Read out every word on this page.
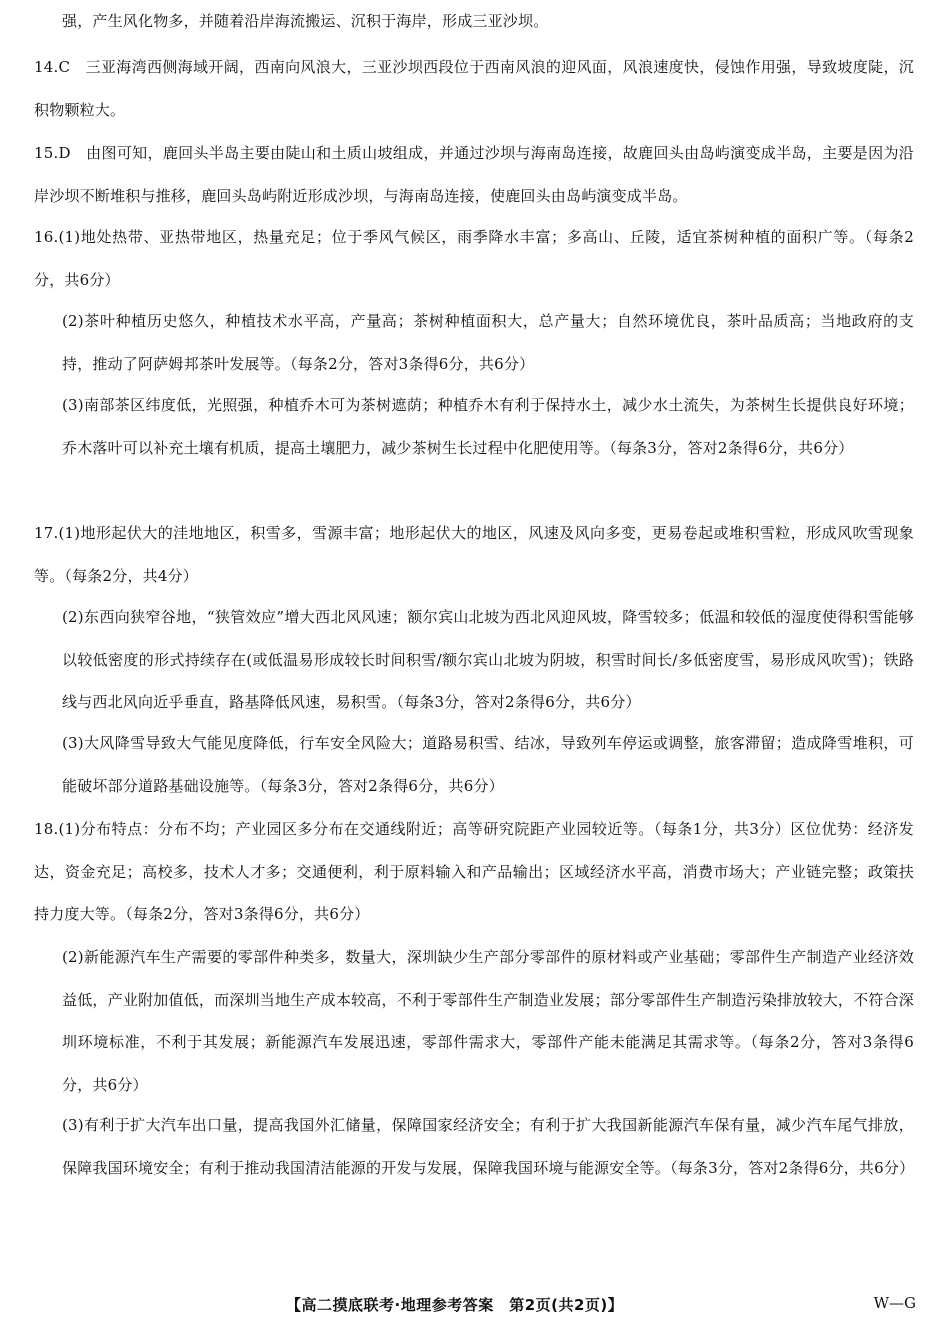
强，产生风化物多，并随着沿岸海流搬运、沉积于海岸，形成三亚沙坝。
14.C　三亚海湾西侧海域开阔，西南向风浪大，三亚沙坝西段位于西南风浪的迎风面，风浪速度快，侵蚀作用强，导致坡度陡，沉积物颗粒大。
15.D　由图可知，鹿回头半岛主要由陡山和土质山坡组成，并通过沙坝与海南岛连接，故鹿回头由岛屿演变成半岛，主要是因为沿岸沙坝不断堆积与推移，鹿回头岛屿附近形成沙坝，与海南岛连接，使鹿回头由岛屿演变成半岛。
16.(1)地处热带、亚热带地区，热量充足；位于季风气候区，雨季降水丰富；多高山、丘陵，适宜茶树种植的面积广等。（每条2分，共6分）
(2)茶叶种植历史悠久，种植技术水平高，产量高；茶树种植面积大，总产量大；自然环境优良，茶叶品质高；当地政府的支持，推动了阿萨姆邦茶叶发展等。（每条2分，答对3条得6分，共6分）
(3)南部茶区纬度低，光照强，种植乔木可为茶树遮荫；种植乔木有利于保持水土，减少水土流失，为茶树生长提供良好环境；乔木落叶可以补充土壤有机质，提高土壤肥力，减少茶树生长过程中化肥使用等。（每条3分，答对2条得6分，共6分）
17.(1)地形起伏大的洼地地区，积雪多，雪源丰富；地形起伏大的地区，风速及风向多变，更易卷起或堆积雪粒，形成风吹雪现象等。（每条2分，共4分）
(2)东西向狭窄谷地，“狭管效应”增大西北风风速；额尔宾山北坡为西北风迎风坡，降雪较多；低温和较低的湿度使得积雪能够以较低密度的形式持续存在(或低温易形成较长时间积雪/额尔宾山北坡为阴坡，积雪时间长/多低密度雪，易形成风吹雪)；铁路线与西北风向近乎垂直，路基降低风速，易积雪。（每条3分，答对2条得6分，共6分）
(3)大风降雪导致大气能见度降低，行车安全风险大；道路易积雪、结冰，导致列车停运或调整，旅客滞留；造成降雪堆积，可能破坏部分道路基础设施等。（每条3分，答对2条得6分，共6分）
18.(1)分布特点：分布不均；产业园区多分布在交通线附近；高等研究院距产业园较近等。（每条1分，共3分）区位优势：经济发达，资金充足；高校多，技术人才多；交通便利，利于原料输入和产品输出；区域经济水平高，消费市场大；产业链完整；政策扶持力度大等。（每条2分，答对3条得6分，共6分）
(2)新能源汽车生产需要的零部件种类多，数量大，深圳缺少生产部分零部件的原材料或产业基础；零部件生产制造产业经济效益低，产业附加值低，而深圳当地生产成本较高，不利于零部件生产制造业发展；部分零部件生产制造污染排放较大，不符合深圳环境标准，不利于其发展；新能源汽车发展迅速，零部件需求大，零部件产能未能满足其需求等。（每条2分，答对3条得6分，共6分）
(3)有利于扩大汽车出口量，提高我国外汇储量，保障国家经济安全；有利于扩大我国新能源汽车保有量，减少汽车尾气排放，保障我国环境安全；有利于推动我国清洁能源的开发与发展，保障我国环境与能源安全等。（每条3分，答对2条得6分，共6分）
【高二摸底联考·地理参考答案　第2页(共2页)】	W—G
